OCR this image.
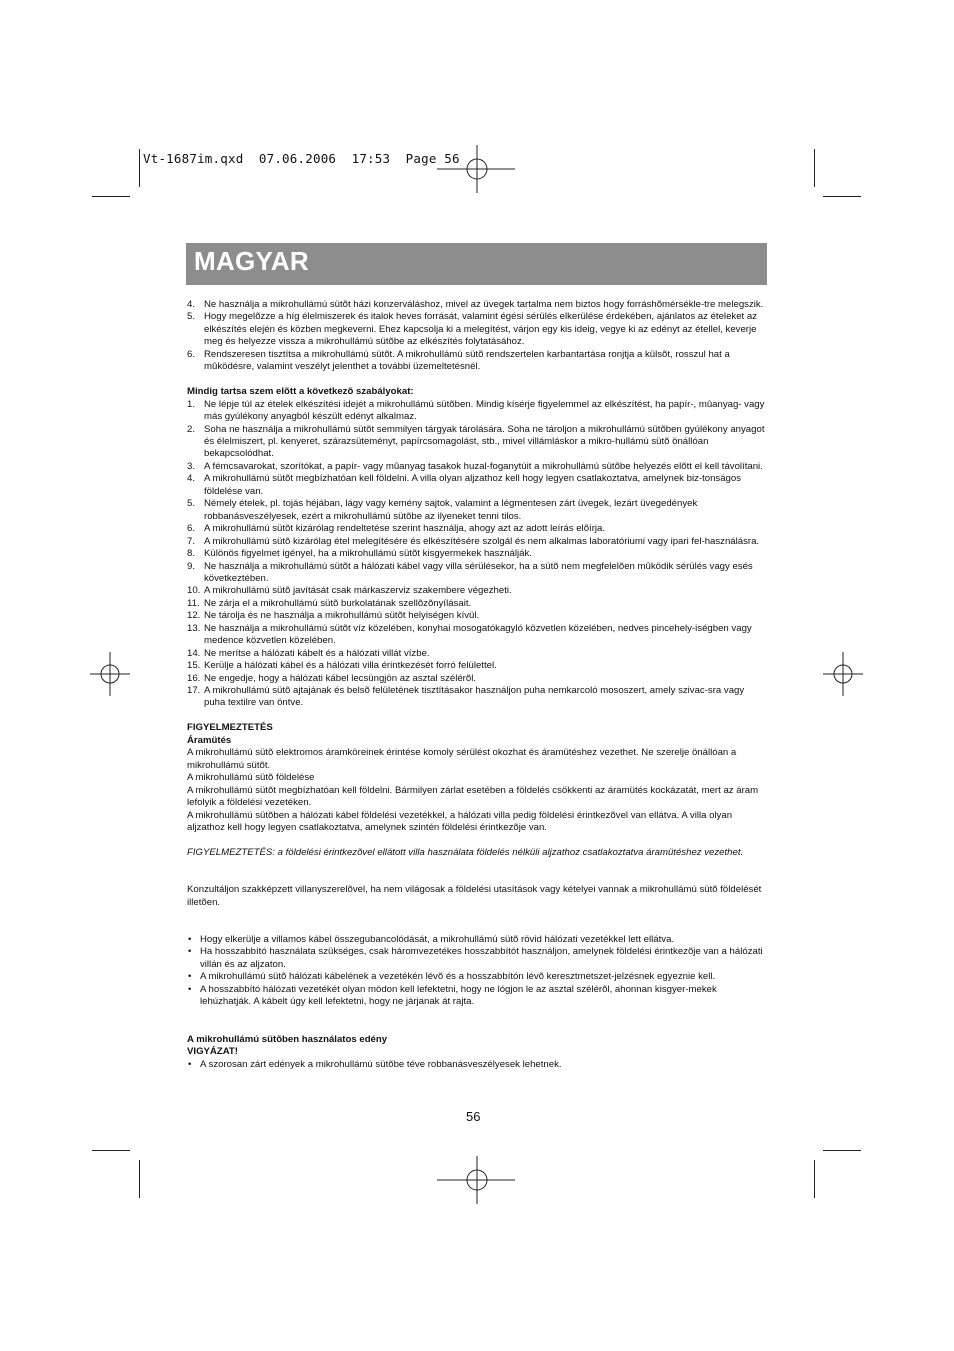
Vt-1687im.qxd  07.06.2006  17:53  Page 56
MAGYAR
4. Ne használja a mikrohullámú sütõt házi konzerváláshoz, mivel az üvegek tartalma nem biztos hogy forráshõmérsékle-tre melegszik.
5. Hogy megelõzze a híg élelmiszerek és italok heves forrását, valamint égési sérülés elkerülése érdekében, ajánlatos az ételeket az elkészítés elején és közben megkeverni. Ehez kapcsolja ki a melegítést, várjon egy kis ideig, vegye ki az edényt az étellel, keverje meg és helyezze vissza a mikrohullámú sütõbe az elkészítés folytatásához.
6. Rendszeresen tisztítsa a mikrohullámú sütõt. A mikrohullámú sütõ rendszertelen karbantartása ronjtja a külsõt, rosszul hat a mûködésre, valamint veszélyt jelenthet a további üzemeltetésnél.

Mindig tartsa szem elõtt a következõ szabályokat:

1. Ne lépje túl az ételek elkészítési idejét a mikrohullámú sütõben. Mindig kísérje figyelemmel az elkészítést, ha papír-, mûanyag- vagy más gyúlékony anyagból készült edényt alkalmaz.
2. Soha ne használja a mikrohullámú sütõt semmilyen tárgyak tárolására. Soha ne tároljon a mikrohullámú sütõben gyúlékony anyagot és élelmiszert, pl. kenyeret, szárazsüteményt, papírcsomagolást, stb., mivel villámláskor a mikro-hullámú sütõ önállóan bekapcsolódhat.
3. A fémcsavarokat, szorítókat, a papír- vagy mûanyag tasakok huzal-foganytúit a mikrohullámú sütõbe helyezés elõtt el kell távolítani.
4. A mikrohullámú sütõt megbízhatóan kell földelni. A villa olyan aljzathoz kell hogy legyen csatlakoztatva, amelynek biz-tonságos földelése van.
5. Némely ételek, pl. tojás héjában, lágy vagy kemény sajtok, valamint a légmentesen zárt üvegek, lezárt üvegedények robbanásveszélyesek, ezért a mikrohullámú sütõbe az ilyeneket tenni tilos.
6. A mikrohullámú sütõt kizárólag rendeltetése szerint használja, ahogy azt az adott leírás elõírja.
7. A mikrohullámú sütõ kizárólag étel melegítésére és elkészítésére szolgál és nem alkalmas laboratóriumi vagy ipari fel-használásra.
8. Különös figyelmet igényel, ha a mikrohullámú sütõt kisgyermekek használják.
9. Ne használja a mikrohullámú sütõt a hálózati kábel vagy villa sérülésekor, ha a sütõ nem megfelelõen mûködik sérülés vagy esés következtében.
10. A mikrohullámú sütõ javítását csak márkaszerviz szakembere végezheti.
11. Ne zárja el a mikrohullámú sütõ burkolatának szellõzõnyílásait.
12. Ne tárolja és ne használja a mikrohullámú sütõt helyiségen kívül.
13. Ne használja a mikrohullámú sütõt víz közelében, konyhai mosogatókagyló közvetlen közelében, nedves pincehely-iségben vagy medence közvetlen közelében.
14. Ne merítse a hálózati kábelt és a hálózati villát vízbe.
15. Kerülje a hálózati kábel és a hálózati villa érintkezését forró felülettel.
16. Ne engedje, hogy a hálózati kábel lecsüngjön az asztal szélérõl.
17. A mikrohullámú sütõ ajtajának és belsõ felületének tisztításakor használjon puha nemkarcoló mososzert, amely szivac-sra vagy puha textilre van öntve.

FIGYELMEZTETÉS

Áramütés

A mikrohullámú sütõ elektromos áramköreinek érintése komoly sérülést okozhat és áramütéshez vezethet. Ne szerelje önállóan a mikrohullámú sütõt.

A mikrohullámú sütõ földelése

A mikrohullámú sütõt megbízhatóan kell földelni. Bármilyen zárlat esetében a földelés csökkenti az áramütés kockázatát, mert az áram lefolyik a földelési vezetéken.

A mikrohullámú sütõben a hálózati kábel földelési vezetékkel, a hálózati villa pedig földelési érintkezõvel van ellátva. A villa olyan aljzathoz kell hogy legyen csatlakoztatva, amelynek szintén földelési érintkezõje van.

FIGYELMEZTETÉS: a földelési érintkezõvel ellátott villa használata földelés nélküli aljzathoz csatlakoztatva áramütéshez vezethet.

Konzultáljon szakképzett villanyszerelõvel, ha nem világosak a földelési utasítások vagy kételyei vannak a mikrohullámú sütõ földelését illetõen.

• Hogy elkerülje a villamos kábel összegubancolódását, a mikrohullámú sütõ rövid hálózati vezetékkel lett ellátva.
• Ha hosszabbító használata szükséges, csak háromvezetékes hosszabbítót használjon, amelynek földelési érintkezõje van a hálózati villán és az aljzaton.
• A mikrohullámú sütõ hálózati kábelének a vezetékén lévõ és a hosszabbítón lévõ keresztmetszet-jelzésnek egyeznie kell.
• A hosszabbító hálózati vezetékét olyan módon kell lefektetni, hogy ne lógjon le az asztal szélérõl, ahonnan kisgyer-mekek lehúzhatják. A kábelt úgy kell lefektetni, hogy ne járjanak át rajta.

A mikrohullámú sütõben használatos edény

VIGYÁZAT!

• A szorosan zárt edények a mikrohullámú sütõbe téve robbanásveszélyesek lehetnek.
56
